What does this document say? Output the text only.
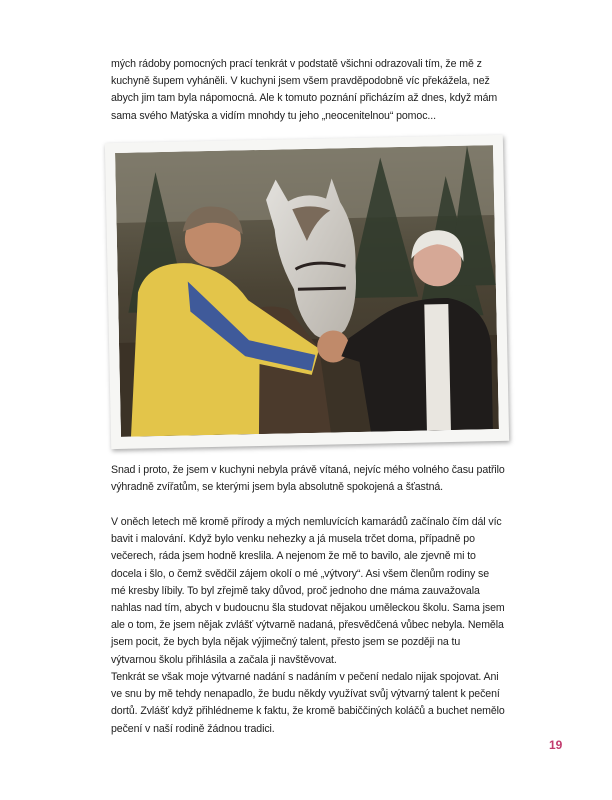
mých rádoby pomocných prací tenkrát v podstatě všichni odrazovali tím, že mě z kuchyně šupem vyháněli. V kuchyni jsem všem pravděpodobně víc překážela, než abych jim tam byla nápomocná. Ale k tomuto poznání přicházím až dnes, když mám sama svého Matýska a vidím mnohdy tu jeho „neocenitelnou“ pomoc...

Snad i proto, že jsem v kuchyni nebyla právě vítaná, nejvíc mého volného času patřilo výhradně zvířatům, se kterými jsem byla absolutně spokojená a šťastná.

V oněch letech mě kromě přírody a mých nemluvících kamarádů začínalo čím dál víc bavit i malování. Když bylo venku nehezky a já musela trčet doma, případně po večerech, ráda jsem hodně kreslila. A nejenom že mě to bavilo, ale zjevně mi to docela i šlo, o čemž svědčil zájem okolí o mé „výtvory“. Asi všem členům rodiny se mé kresby líbily. To byl zřejmě taky důvod, proč jednoho dne máma zauvažovala nahlas nad tím, abych v budoucnu šla studovat nějakou uměleckou školu. Sama jsem ale o tom, že jsem nějak zvlášť výtvarně nadaná, přesvědčená vůbec nebyla. Neměla jsem pocit, že bych byla nějak výjimečný talent, přesto jsem se později na tu výtvarnou školu přihlásila a začala ji navštěvovat.

Tenkrát se však moje výtvarné nadání s nadáním v pečení nedalo nijak spojovat. Ani ve snu by mě tehdy nenapadlo, že budu někdy využívat svůj výtvarný talent k pečení dortů. Zvlášť když přihlédneme k faktu, že kromě babiččiných koláčů a buchet nemělo pečení v naší rodině žádnou tradici.

19
